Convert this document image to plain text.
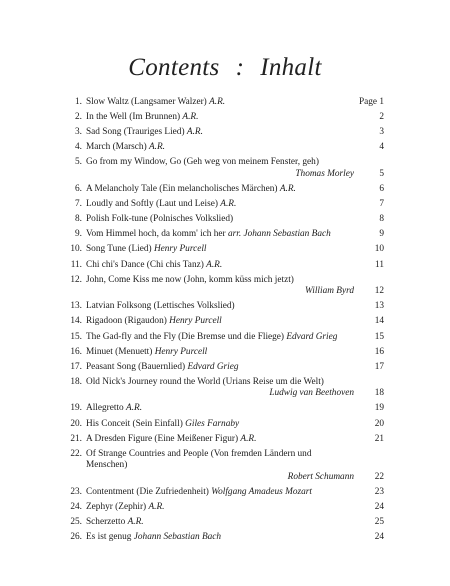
Contents : Inhalt
1. Slow Waltz (Langsamer Walzer) A.R.	Page 1
2. In the Well (Im Brunnen) A.R.	2
3. Sad Song (Trauriges Lied) A.R.	3
4. March (Marsch) A.R.	4
5. Go from my Window, Go (Geh weg von meinem Fenster, geh)
Thomas Morley	5
6. A Melancholy Tale (Ein melancholisches Märchen) A.R.	6
7. Loudly and Softly (Laut und Leise) A.R.	7
8. Polish Folk-tune (Polnisches Volkslied)	8
9. Vom Himmel hoch, da komm' ich her arr. Johann Sebastian Bach	9
10. Song Tune (Lied) Henry Purcell	10
11. Chi chi's Dance (Chi chis Tanz) A.R.	11
12. John, Come Kiss me now (John, komm küss mich jetzt)
William Byrd	12
13. Latvian Folksong (Lettisches Volkslied)	13
14. Rigadoon (Rigaudon) Henry Purcell	14
15. The Gad-fly and the Fly (Die Bremse und die Fliege) Edvard Grieg	15
16. Minuet (Menuett) Henry Purcell	16
17. Peasant Song (Bauernlied) Edvard Grieg	17
18. Old Nick's Journey round the World (Urians Reise um die Welt)
Ludwig van Beethoven	18
19. Allegretto A.R.	19
20. His Conceit (Sein Einfall) Giles Farnaby	20
21. A Dresden Figure (Eine Meißener Figur) A.R.	21
22. Of Strange Countries and People (Von fremden Ländern und Menschen)
Robert Schumann	22
23. Contentment (Die Zufriedenheit) Wolfgang Amadeus Mozart	23
24. Zephyr (Zephir) A.R.	24
25. Scherzetto A.R.	25
26. Es ist genug Johann Sebastian Bach	24
